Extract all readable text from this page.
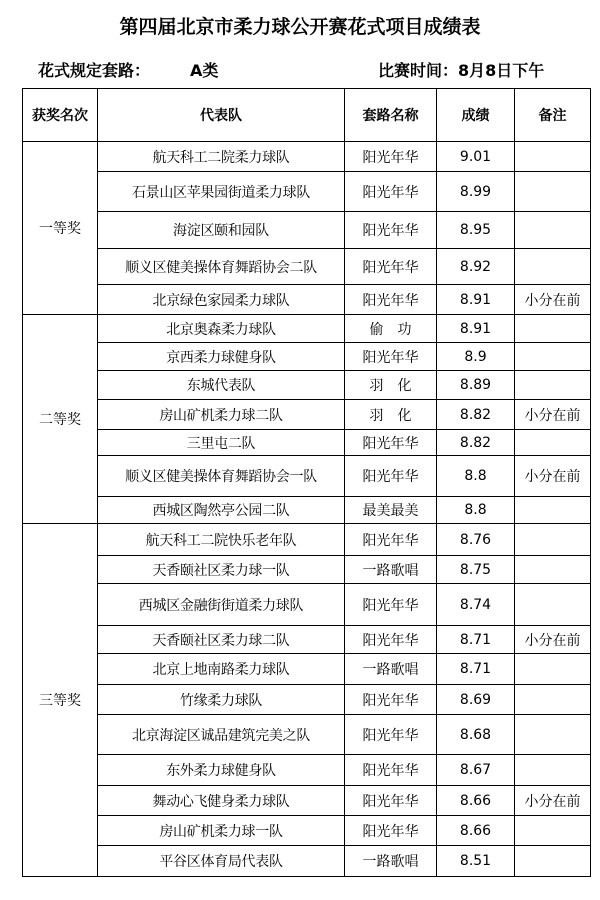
第四届北京市柔力球公开赛花式项目成绩表
花式规定套路：	A类	比赛时间：8月8日下午
获奖名次	代表队	套路名称	成绩	备注
一等奖	航天科工二院柔力球队	阳光年华	9.01	
	石景山区苹果园街道柔力球队	阳光年华	8.99	
	海淀区颐和园队	阳光年华	8.95	
	顺义区健美操体育舞蹈协会二队	阳光年华	8.92	
	北京绿色家园柔力球队	阳光年华	8.91	小分在前
二等奖	北京奥森柔力球队	偷　功	8.91	
	京西柔力球健身队	阳光年华	8.9	
	东城代表队	羽　化	8.89	
	房山矿机柔力球二队	羽　化	8.82	小分在前
	三里屯二队	阳光年华	8.82	
	顺义区健美操体育舞蹈协会一队	阳光年华	8.8	小分在前
	西城区陶然亭公园二队	最美最美	8.8	
三等奖	航天科工二院快乐老年队	阳光年华	8.76	
	天香颐社区柔力球一队	一路歌唱	8.75	
	西城区金融街街道柔力球队	阳光年华	8.74	
	天香颐社区柔力球二队	阳光年华	8.71	小分在前
	北京上地南路柔力球队	一路歌唱	8.71	
	竹缘柔力球队	阳光年华	8.69	
	北京海淀区诚品建筑完美之队	阳光年华	8.68	
	东外柔力球健身队	阳光年华	8.67	
	舞动心飞健身柔力球队	阳光年华	8.66	小分在前
	房山矿机柔力球一队	阳光年华	8.66	
	平谷区体育局代表队	一路歌唱	8.51	
